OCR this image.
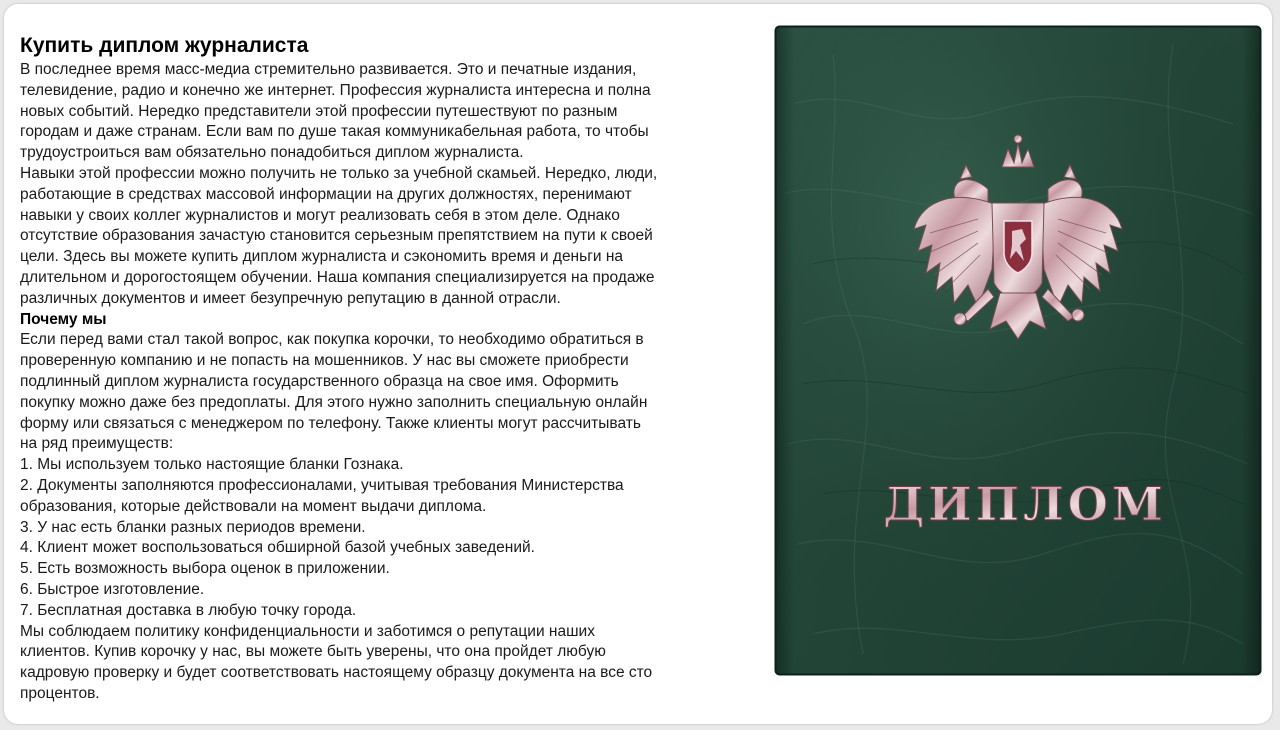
Купить диплом журналиста

В последнее время масс-медиа стремительно развивается. Это и печатные издания,
телевидение, радио и конечно же интернет. Профессия журналиста интересна и полна
новых событий. Нередко представители этой профессии путешествуют по разным
городам и даже странам. Если вам по душе такая коммуникабельная работа, то чтобы
трудоустроиться вам обязательно понадобиться диплом журналиста.

Навыки этой профессии можно получить не только за учебной скамьей. Нередко, люди,
работающие в средствах массовой информации на других должностях, перенимают
навыки у своих коллег журналистов и могут реализовать себя в этом деле. Однако
отсутствие образования зачастую становится серьезным препятствием на пути к своей
цели. Здесь вы можете купить диплом журналиста и сэкономить время и деньги на
длительном и дорогостоящем обучении. Наша компания специализируется на продаже
различных документов и имеет безупречную репутацию в данной отрасли.

Почему мы

Если перед вами стал такой вопрос, как покупка корочки, то необходимо обратиться в
проверенную компанию и не попасть на мошенников. У нас вы сможете приобрести
подлинный диплом журналиста государственного образца на свое имя. Оформить
покупку можно даже без предоплаты. Для этого нужно заполнить специальную онлайн
форму или связаться с менеджером по телефону. Также клиенты могут рассчитывать
на ряд преимуществ:

1. Мы используем только настоящие бланки Гознака.
2. Документы заполняются профессионалами, учитывая требования Министерства
образования, которые действовали на момент выдачи диплома.
3. У нас есть бланки разных периодов времени.
4. Клиент может воспользоваться обширной базой учебных заведений.
5. Есть возможность выбора оценок в приложении.
6. Быстрое изготовление.
7. Бесплатная доставка в любую точку города.

Мы соблюдаем политику конфиденциальности и заботимся о репутации наших
клиентов. Купив корочку у нас, вы можете быть уверены, что она пройдет любую
кадровую проверку и будет соответствовать настоящему образцу документа на все сто
процентов.

ДИПЛОМ
